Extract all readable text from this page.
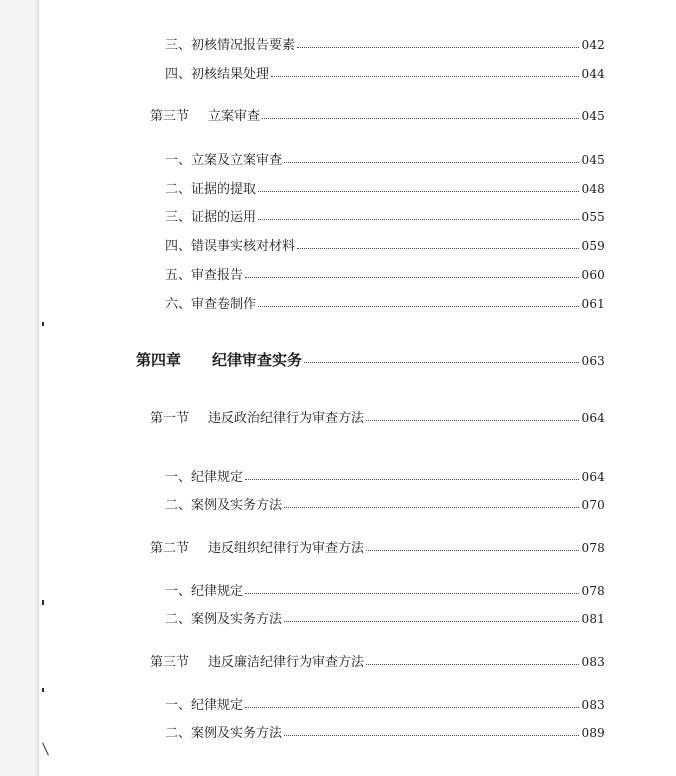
三、 初核情况报告要素	042
四、 初核结果处理	044
第三节	立案审查	045
一、 立案及立案审查	045
二、 证据的提取	048
三、 证据的运用	055
四、 错误事实核对材料	059
五、 审查报告	060
六、 审查卷制作	061
第四章	纪律审查实务	063
第一节	违反政治纪律行为审查方法	064
一、 纪律规定	064
二、 案例及实务方法	070
第二节	违反组织纪律行为审查方法	078
一、 纪律规定	078
二、 案例及实务方法	081
第三节	违反廉洁纪律行为审查方法	083
一、 纪律规定	083
二、 案例及实务方法	089
